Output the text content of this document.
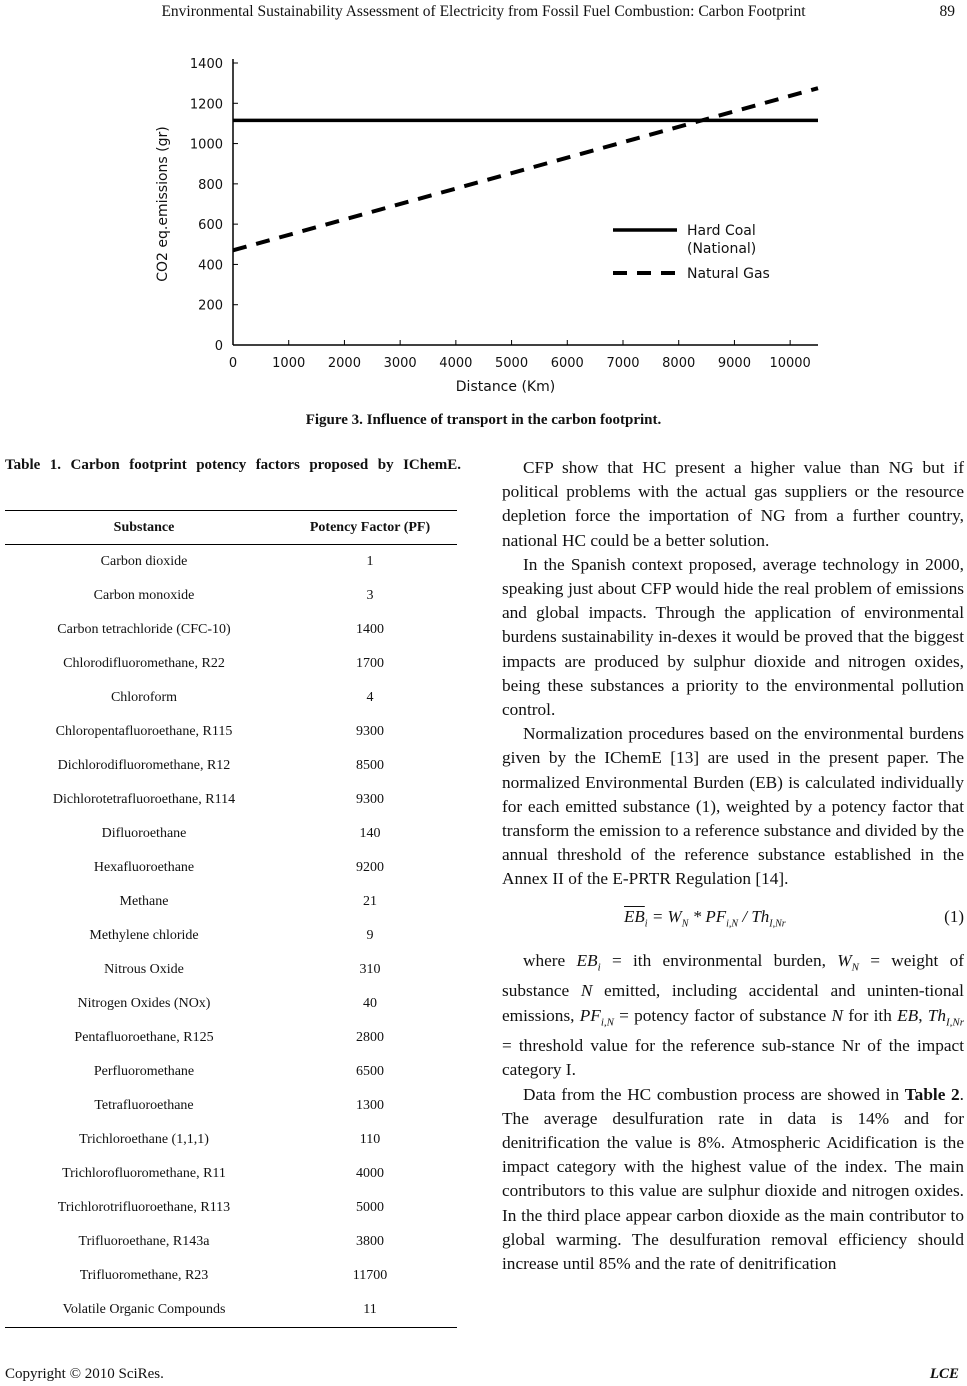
Environmental Sustainability Assessment of Electricity from Fossil Fuel Combustion: Carbon Footprint	89
0
200
400
600
800
1000
1200
1400
0	1000 2000 3000 4000 5000 6000 7000 8000 9000 10000
Distance (Km)
CO2 eq.emissions (gr)	Hard Coal
(National)
Natural Gas
Figure 3. Influence of transport in the carbon footprint.
Table 1. Carbon footprint potency factors proposed by IChemE.
Substance	Potency Factor (PF)
Carbon dioxide	1
Carbon monoxide	3
Carbon tetrachloride (CFC-10)	1400
Chlorodifluoromethane, R22	1700
Chloroform	4
Chloropentafluoroethane, R115	9300
Dichlorodifluoromethane, R12	8500
Dichlorotetrafluoroethane, R114	9300
Difluoroethane	140
Hexafluoroethane	9200
Methane	21
Methylene chloride	9
Nitrous Oxide	310
Nitrogen Oxides (NOx)	40
Pentafluoroethane, R125	2800
Perfluoromethane	6500
Tetrafluoroethane	1300
Trichloroethane (1,1,1)	110
Trichlorofluoromethane, R11	4000
Trichlorotrifluoroethane, R113	5000
Trifluoroethane, R143a	3800
Trifluoromethane, R23	11700
Volatile Organic Compounds	11

CFP show that HC present a higher value than NG but if political problems with the actual gas suppliers or the resource depletion force the importation of NG from a further country, national HC could be a better solution.

In the Spanish context proposed, average technology in 2000, speaking just about CFP would hide the real problem of emissions and global impacts. Through the application of environmental burdens sustainability in-dexes it would be proved that the biggest impacts are produced by sulphur dioxide and nitrogen oxides, being these substances a priority to the environmental pollution control.

Normalization procedures based on the environmental burdens given by the IChemE [13] are used in the present paper. The normalized Environmental Burden (EB) is calculated individually for each emitted substance (1), weighted by a potency factor that transform the emission to a reference substance and divided by the annual threshold of the reference substance established in the Annex II of the E-PRTR Regulation [14].

$\overline{EB}_i = W_N * PF_{i,N} / Th_{I,Nr}$	(1)

where $EB_i$ = ith environmental burden, $W_N$ = weight of substance N emitted, including accidental and uninten-tional emissions, $PF_{i,N}$ = potency factor of substance N for ith EB, $Th_{I,Nr}$ = threshold value for the reference sub-stance Nr of the impact category I.

Data from the HC combustion process are showed in Table 2. The average desulfuration rate in data is 14% and for denitrification the value is 8%. Atmospheric Acidification is the impact category with the highest value of the index. The main contributors to this value are sulphur dioxide and nitrogen oxides. In the third place appear carbon dioxide as the main contributor to global warming. The desulfuration removal efficiency should increase until 85% and the rate of denitrification

Copyright © 2010 SciRes.	LCE
